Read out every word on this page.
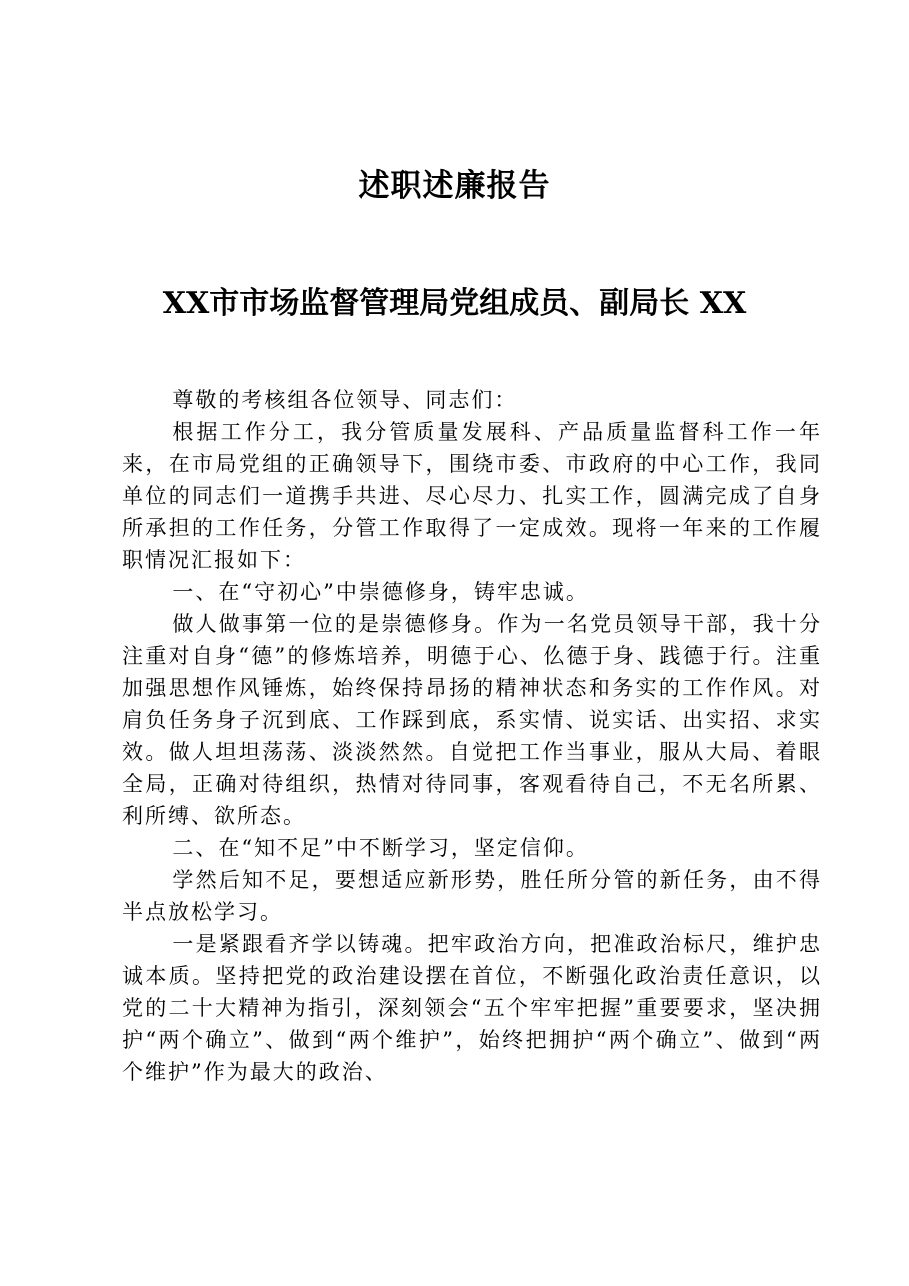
述职述廉报告
XX市市场监督管理局党组成员、副局长 XX

尊敬的考核组各位领导、同志们：

根据工作分工，我分管质量发展科、产品质量监督科工作一年来，在市局党组的正确领导下，围绕市委、市政府的中心工作，我同单位的同志们一道携手共进、尽心尽力、扎实工作，圆满完成了自身所承担的工作任务，分管工作取得了一定成效。现将一年来的工作履职情况汇报如下：

一、在“守初心”中崇德修身，铸牢忠诚。

做人做事第一位的是崇德修身。作为一名党员领导干部，我十分注重对自身“德”的修炼培养，明德于心、仫德于身、践德于行。注重加强思想作风锤炼，始终保持昂扬的精神状态和务实的工作作风。对肩负任务身子沉到底、工作踩到底，系实情、说实话、出实招、求实效。做人坦坦荡荡、淡淡然然。自觉把工作当事业，服从大局、着眼全局，正确对待组织，热情对待同事，客观看待自己，不无名所累、利所缚、欲所态。

二、在“知不足”中不断学习，坚定信仰。

学然后知不足，要想适应新形势，胜任所分管的新任务，由不得半点放松学习。

一是紧跟看齐学以铸魂。把牢政治方向，把准政治标尺，维护忠诚本质。坚持把党的政治建设摆在首位，不断强化政治责任意识，以党的二十大精神为指引，深刻领会“五个牢牢把握”重要要求，坚决拥护“两个确立”、做到“两个维护”，始终把拥护“两个确立”、做到“两个维护”作为最大的政治、
